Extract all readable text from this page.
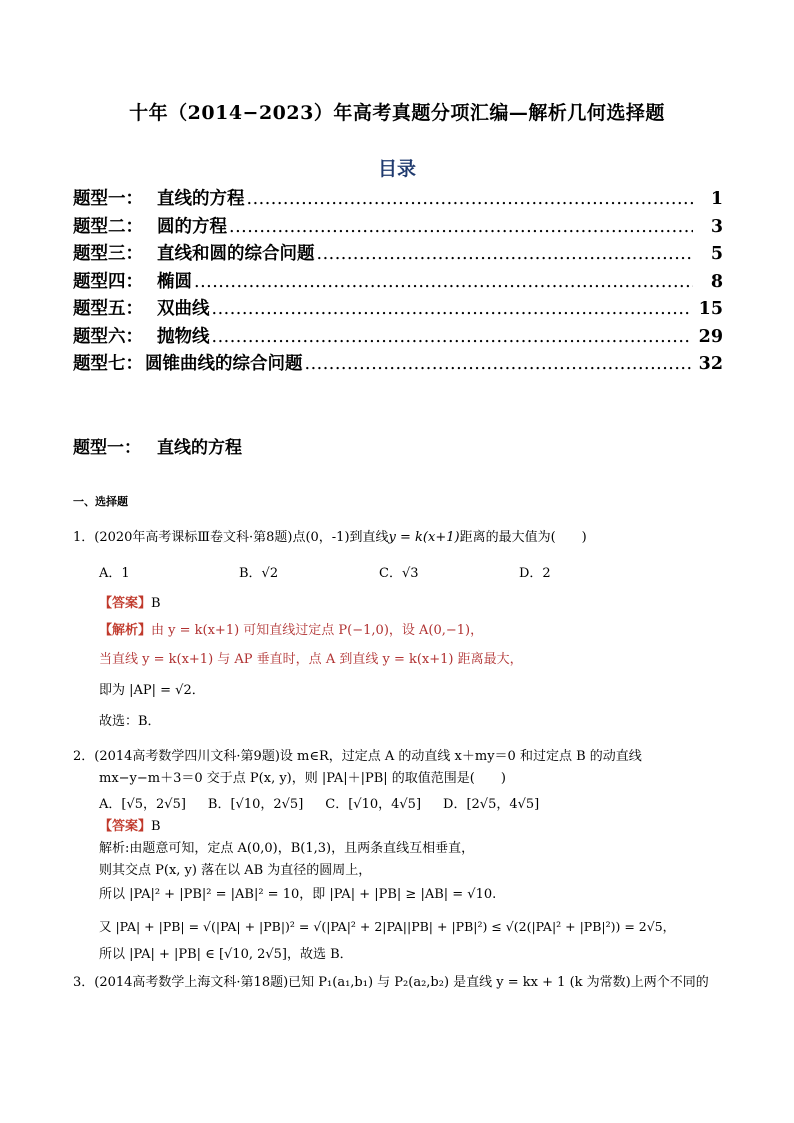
十年（2014−2023）年高考真题分项汇编—解析几何选择题
目录
题型一： 直线的方程 .....	1
题型二： 圆的方程 .....	3
题型三： 直线和圆的综合问题 .....	5
题型四： 椭圆 .....	8
题型五： 双曲线 .....	15
题型六： 抛物线 .....	29
题型七： 圆锥曲线的综合问题 .....	32
题型一： 直线的方程
一、选择题
1．(2020年高考课标Ⅲ卷文科·第8题)点(0，-1)到直线y = k(x+1)距离的最大值为(　　)
A．1	B．√2	C．√3	D．2
【答案】B
【解析】由 y = k(x+1) 可知直线过定点 P(−1,0)，设 A(0,−1)，
当直线 y = k(x+1) 与 AP 垂直时，点 A 到直线 y = k(x+1) 距离最大，
即为 |AP| = √2．
故选：B．
2．(2014高考数学四川文科·第9题)设 m∈R，过定点 A 的动直线 x＋my＝0 和过定点 B 的动直线
mx−y−m＋3＝0 交于点 P(x, y)，则 |PA|＋|PB| 的取值范围是(　　)
A．[√5，2√5] B．[√10，2√5] C．[√10，4√5] D．[2√5，4√5]
【答案】B
解析:由题意可知，定点 A(0,0)，B(1,3)，且两条直线互相垂直，
则其交点 P(x, y) 落在以 AB 为直径的圆周上，
所以 |PA|² + |PB|² = |AB|² = 10，即 |PA| + |PB| ≥ |AB| = √10.
又 |PA| + |PB| = √(|PA| + |PB|)² = √(|PA|² + 2|PA||PB| + |PB|²) ≤ √(2(|PA|² + |PB|²)) = 2√5，
所以 |PA| + |PB| ∈ [√10, 2√5]，故选 B．
3．(2014高考数学上海文科·第18题)已知 P₁(a₁,b₁) 与 P₂(a₂,b₂) 是直线 y = kx + 1 (k 为常数)上两个不同的
